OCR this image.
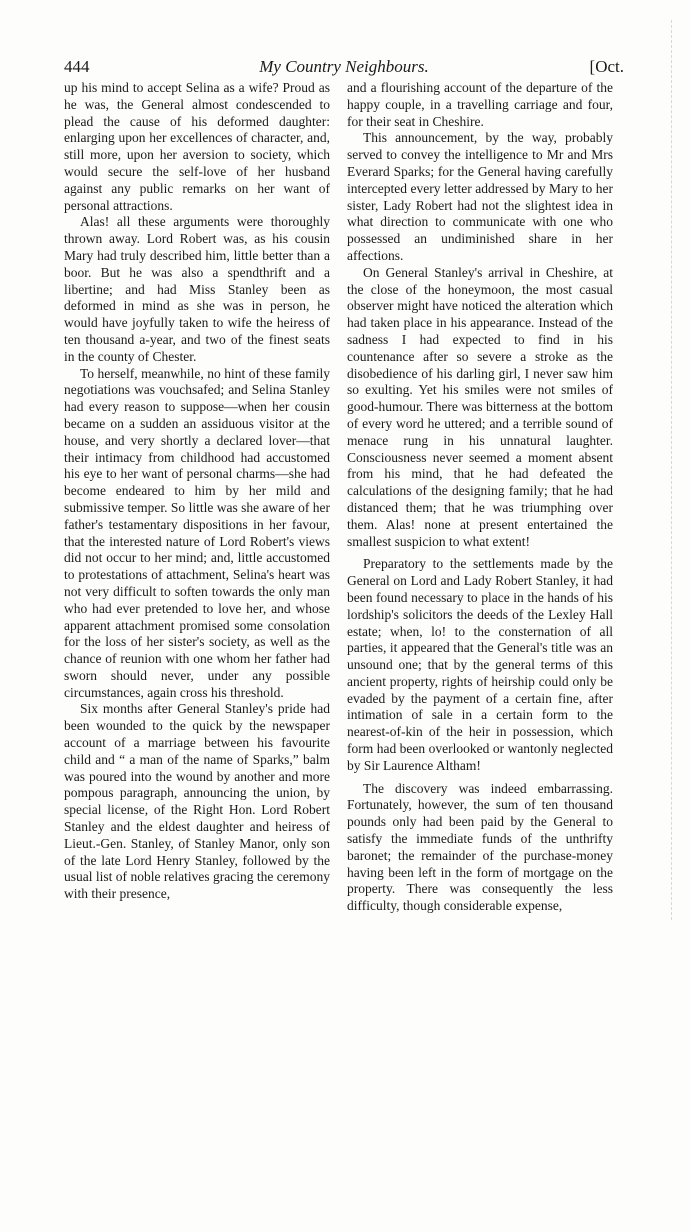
444	My Country Neighbours.	[Oct.

up his mind to accept Selina as a wife? Proud as he was, the General almost condescended to plead the cause of his deformed daughter: enlarging upon her excellences of character, and, still more, upon her aversion to society, which would secure the self-love of her husband against any public remarks on her want of personal attractions.

Alas! all these arguments were thoroughly thrown away. Lord Robert was, as his cousin Mary had truly described him, little better than a boor. But he was also a spendthrift and a libertine; and had Miss Stanley been as deformed in mind as she was in person, he would have joyfully taken to wife the heiress of ten thousand a-year, and two of the finest seats in the county of Chester.

To herself, meanwhile, no hint of these family negotiations was vouchsafed; and Selina Stanley had every reason to suppose—when her cousin became on a sudden an assiduous visitor at the house, and very shortly a declared lover—that their intimacy from childhood had accustomed his eye to her want of personal charms—she had become endeared to him by her mild and submissive temper. So little was she aware of her father's testamentary dispositions in her favour, that the interested nature of Lord Robert's views did not occur to her mind; and, little accustomed to protestations of attachment, Selina's heart was not very difficult to soften towards the only man who had ever pretended to love her, and whose apparent attachment promised some consolation for the loss of her sister's society, as well as the chance of reunion with one whom her father had sworn should never, under any possible circumstances, again cross his threshold.

Six months after General Stanley's pride had been wounded to the quick by the newspaper account of a marriage between his favourite child and “ a man of the name of Sparks,” balm was poured into the wound by another and more pompous paragraph, announcing the union, by special license, of the Right Hon. Lord Robert Stanley and the eldest daughter and heiress of Lieut.-Gen. Stanley, of Stanley Manor, only son of the late Lord Henry Stanley, followed by the usual list of noble relatives gracing the ceremony with their presence,

and a flourishing account of the departure of the happy couple, in a travelling carriage and four, for their seat in Cheshire.

This announcement, by the way, probably served to convey the intelligence to Mr and Mrs Everard Sparks; for the General having carefully intercepted every letter addressed by Mary to her sister, Lady Robert had not the slightest idea in what direction to communicate with one who possessed an undiminished share in her affections.

On General Stanley's arrival in Cheshire, at the close of the honeymoon, the most casual observer might have noticed the alteration which had taken place in his appearance. Instead of the sadness I had expected to find in his countenance after so severe a stroke as the disobedience of his darling girl, I never saw him so exulting. Yet his smiles were not smiles of good-humour. There was bitterness at the bottom of every word he uttered; and a terrible sound of menace rung in his unnatural laughter. Consciousness never seemed a moment absent from his mind, that he had defeated the calculations of the designing family; that he had distanced them; that he was triumphing over them. Alas! none at present entertained the smallest suspicion to what extent!

Preparatory to the settlements made by the General on Lord and Lady Robert Stanley, it had been found necessary to place in the hands of his lordship's solicitors the deeds of the Lexley Hall estate; when, lo! to the consternation of all parties, it appeared that the General's title was an unsound one; that by the general terms of this ancient property, rights of heirship could only be evaded by the payment of a certain fine, after intimation of sale in a certain form to the nearest-of-kin of the heir in possession, which form had been overlooked or wantonly neglected by Sir Laurence Altham!

The discovery was indeed embarrassing. Fortunately, however, the sum of ten thousand pounds only had been paid by the General to satisfy the immediate funds of the unthrifty baronet; the remainder of the purchase-money having been left in the form of mortgage on the property. There was consequently the less difficulty, though considerable expense,
